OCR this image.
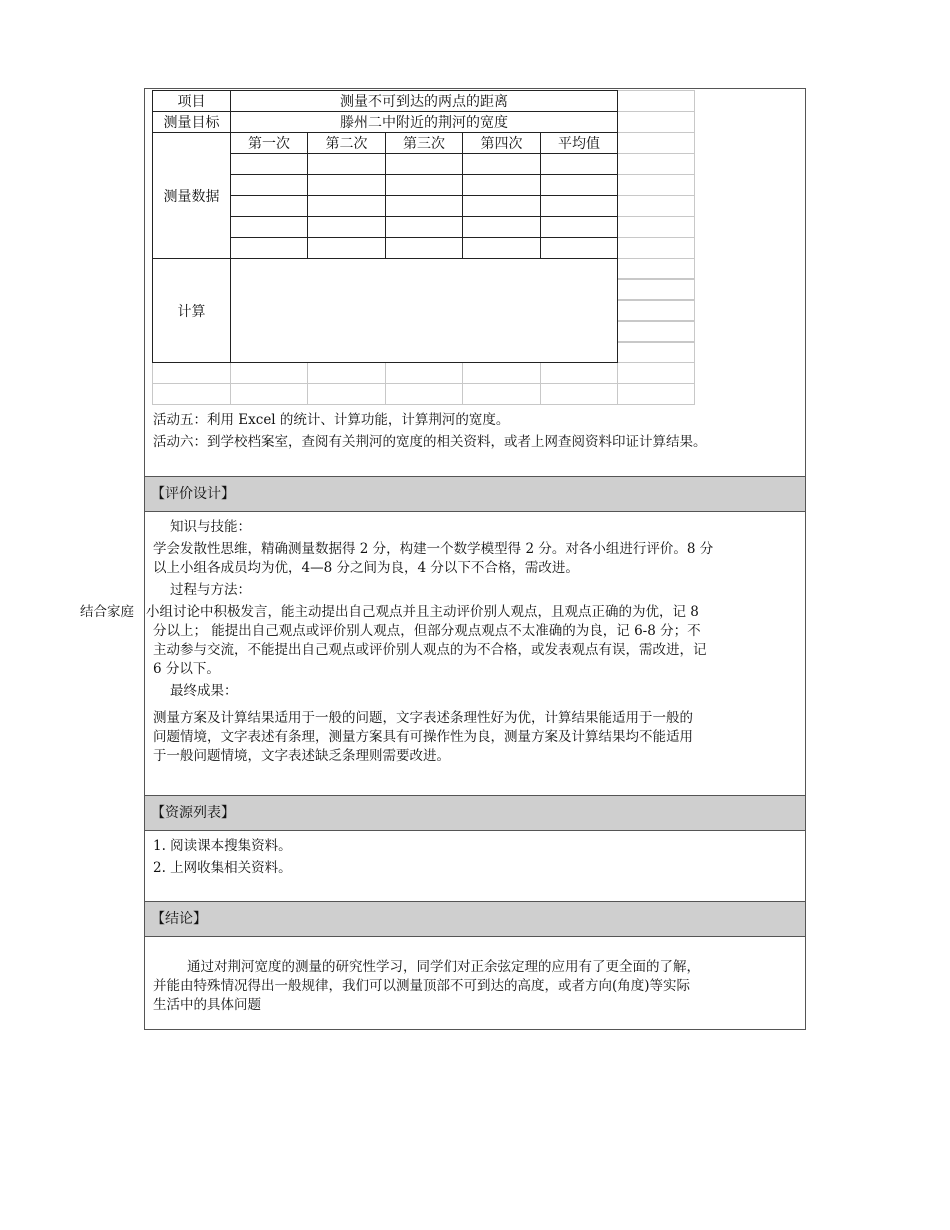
项目	测量不可到达的两点的距离					
测量目标	滕州二中附近的荆河的宽度					
测量数据	第一次	第二次	第三次	第四次	平均值	

计算						

活动五：利用 Excel 的统计、计算功能，计算荆河的宽度。
活动六：到学校档案室，查阅有关荆河的宽度的相关资料，或者上网查阅资料印证计算结果。
【评价设计】
知识与技能：
学会发散性思维，精确测量数据得 2 分，构建一个数学模型得 2 分。对各小组进行评价。8 分
以上小组各成员均为优，4—8 分之间为良，4 分以下不合格，需改进。
过程与方法：
结合家庭 小组讨论中积极发言，能主动提出自己观点并且主动评价别人观点，且观点正确的为优，记 8
分以上； 能提出自己观点或评价别人观点，但部分观点观点不太准确的为良，记 6-8 分；不
主动参与交流，不能提出自己观点或评价别人观点的为不合格，或发表观点有误，需改进，记
6 分以下。
最终成果：
测量方案及计算结果适用于一般的问题，文字表述条理性好为优，计算结果能适用于一般的
问题情境，文字表述有条理，测量方案具有可操作性为良，测量方案及计算结果均不能适用
于一般问题情境，文字表述缺乏条理则需要改进。
【资源列表】
1. 阅读课本搜集资料。
2. 上网收集相关资料。
【结论】
通过对荆河宽度的测量的研究性学习，同学们对正余弦定理的应用有了更全面的了解，
并能由特殊情况得出一般规律，我们可以测量顶部不可到达的高度，或者方向(角度)等实际
生活中的具体问题
